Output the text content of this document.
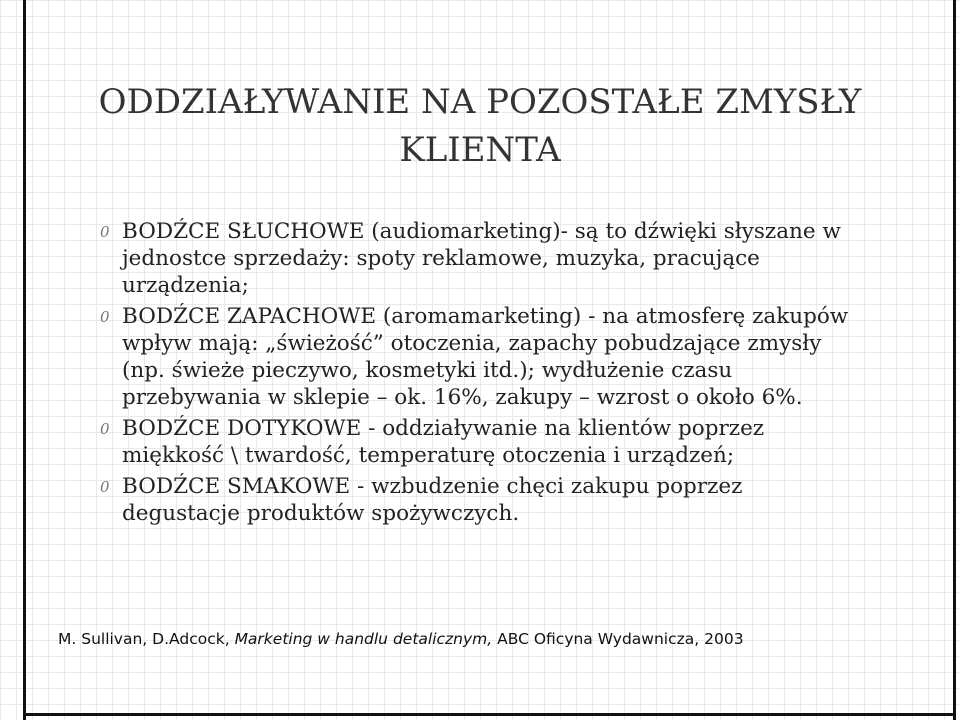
ODDZIAŁYWANIE NA POZOSTAŁE ZMYSŁY KLIENTA
0 BODŹCE SŁUCHOWE (audiomarketing)- są to dźwięki słyszane w jednostce sprzedaży: spoty reklamowe, muzyka, pracujące urządzenia;
0 BODŹCE ZAPACHOWE (aromamarketing) - na atmosferę zakupów wpływ mają: „świeżość” otoczenia, zapachy pobudzające zmysły (np. świeże pieczywo, kosmetyki itd.); wydłużenie czasu przebywania w sklepie – ok. 16%, zakupy – wzrost o około 6%.
0 BODŹCE DOTYKOWE - oddziaływanie na klientów poprzez miękkość \ twardość, temperaturę otoczenia i urządzeń;
0 BODŹCE SMAKOWE - wzbudzenie chęci zakupu poprzez degustacje produktów spożywczych.
M. Sullivan, D.Adcock, Marketing w handlu detalicznym, ABC Oficyna Wydawnicza, 2003
